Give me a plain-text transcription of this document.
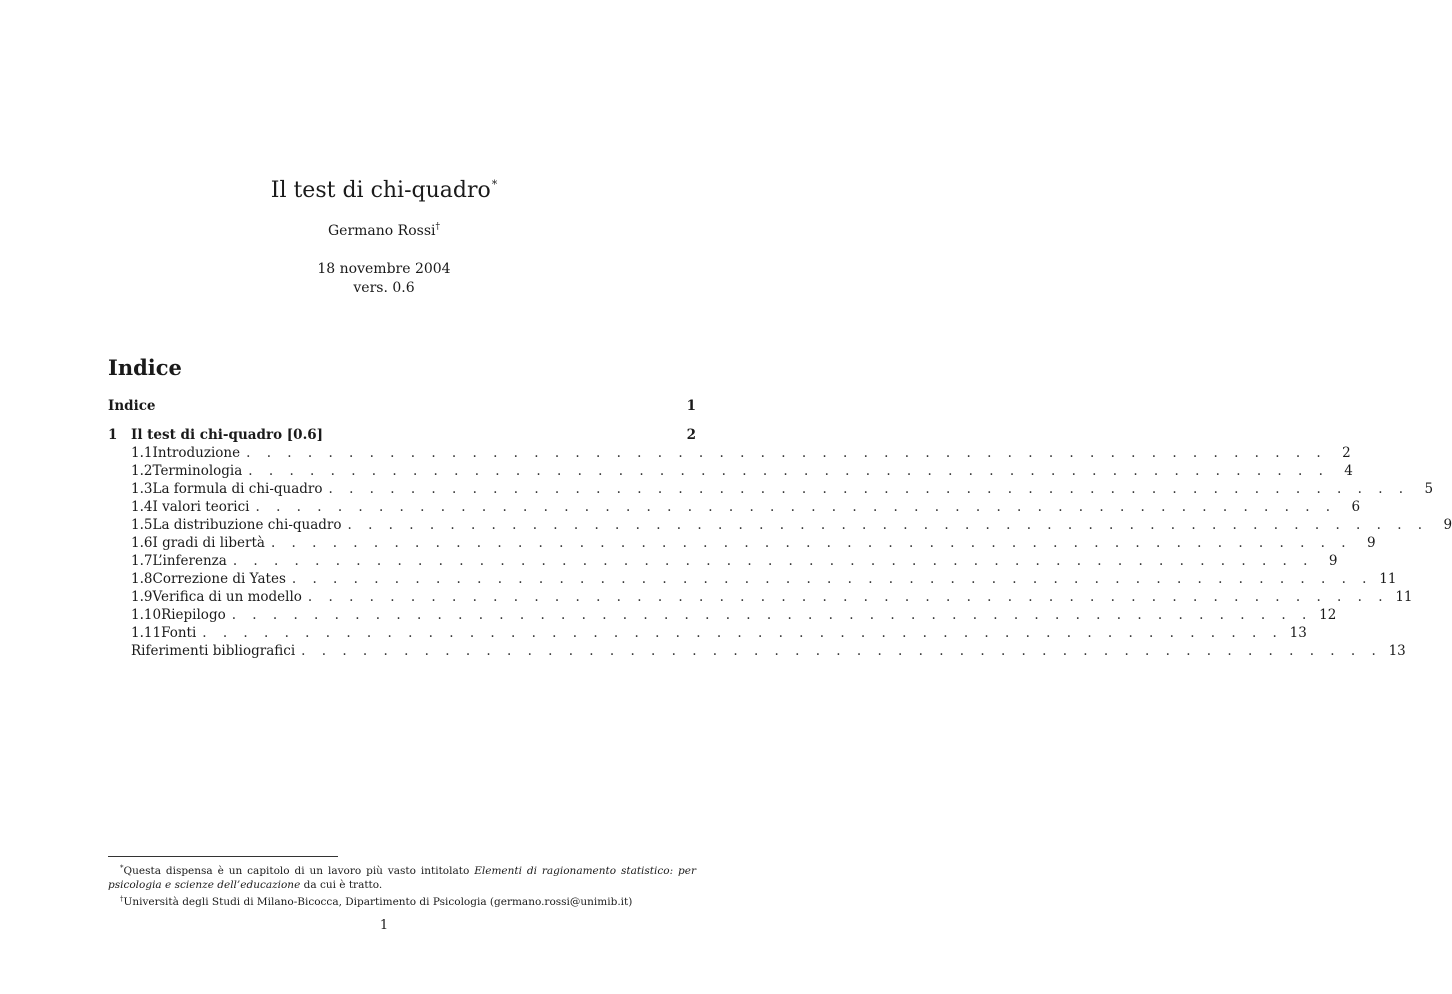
Il test di chi-quadro*
Germano Rossi†
18 novembre 2004
vers. 0.6
Indice
Indice	1
1	Il test di chi-quadro [0.6]	2
1.1 Introduzione . . . . . . . . . . . . . . . . . . . . . . . . . . . . . . . . . . . . . . . . . . . . . . . . . . . . .	2
1.2 Terminologia . . . . . . . . . . . . . . . . . . . . . . . . . . . . . . . . . . . . . . . . . . . . . . . . . . . . .	4
1.3 La formula di chi-quadro . . . . . . . . . . . . . . . . . . . . . . . . . . . . . . . . . . . . . . . . . . . . . . . . . . . . .	5
1.4 I valori teorici . . . . . . . . . . . . . . . . . . . . . . . . . . . . . . . . . . . . . . . . . . . . . . . . . . . . .	6
1.5 La distribuzione chi-quadro . . . . . . . . . . . . . . . . . . . . . . . . . . . . . . . . . . . . . . . . . . . . . . . . . . . . .	9
1.6 I gradi di libertà . . . . . . . . . . . . . . . . . . . . . . . . . . . . . . . . . . . . . . . . . . . . . . . . . . . . .	9
1.7 L’inferenza . . . . . . . . . . . . . . . . . . . . . . . . . . . . . . . . . . . . . . . . . . . . . . . . . . . . .	9
1.8 Correzione di Yates . . . . . . . . . . . . . . . . . . . . . . . . . . . . . . . . . . . . . . . . . . . . . . . . . . . . . 11
1.9 Verifica di un modello . . . . . . . . . . . . . . . . . . . . . . . . . . . . . . . . . . . . . . . . . . . . . . . . . . . . . 11
1.10 Riepilogo . . . . . . . . . . . . . . . . . . . . . . . . . . . . . . . . . . . . . . . . . . . . . . . . . . . . . 12
1.11 Fonti . . . . . . . . . . . . . . . . . . . . . . . . . . . . . . . . . . . . . . . . . . . . . . . . . . . . . 13
Riferimenti bibliografici . . . . . . . . . . . . . . . . . . . . . . . . . . . . . . . . . . . . . . . . . . . . . . . . . . . . . 13

*Questa dispensa è un capitolo di un lavoro più vasto intitolato Elementi di ragionamento statistico: per psicologia e scienze dell’educazione da cui è tratto.

†Università degli Studi di Milano-Bicocca, Dipartimento di Psicologia (germano.rossi@unimib.it)

1
